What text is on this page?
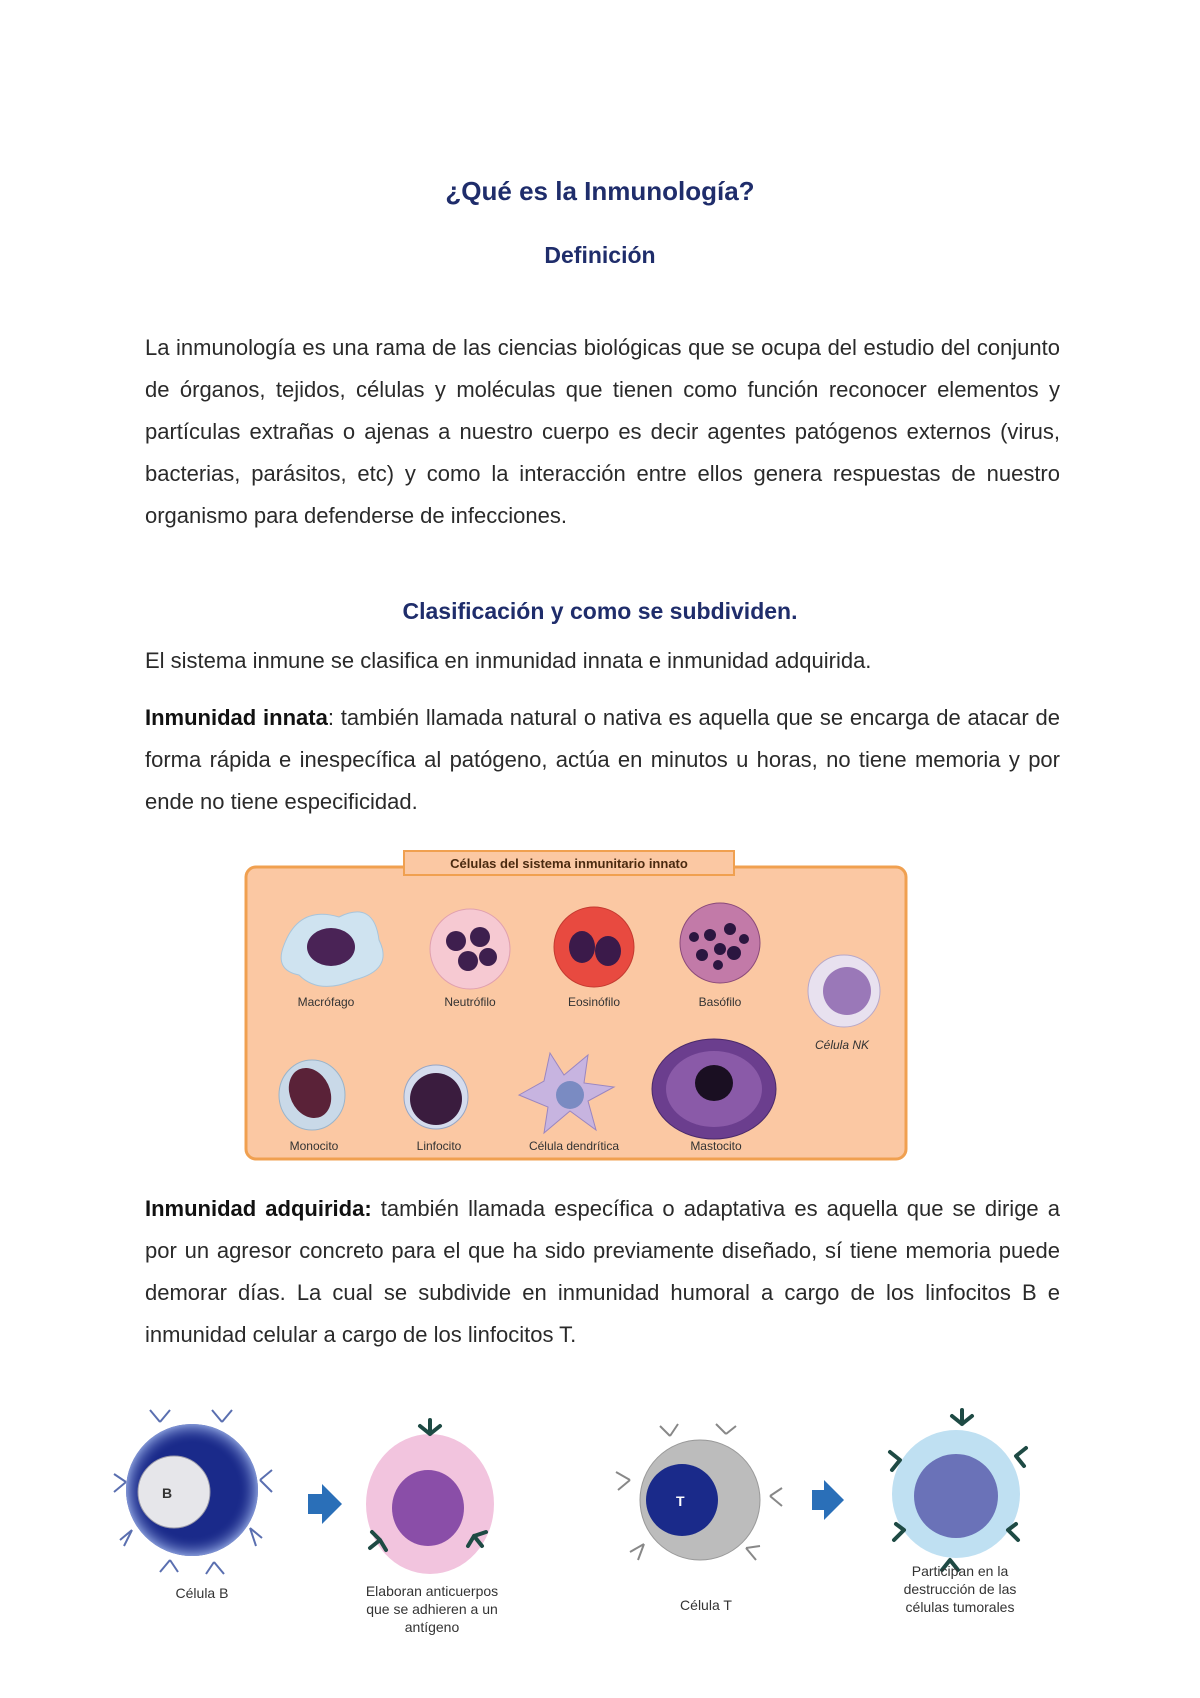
¿Qué es la Inmunología?
Definición
La inmunología es una rama de las ciencias biológicas que se ocupa del estudio del conjunto de órganos, tejidos, células y moléculas que tienen como función reconocer elementos y partículas extrañas o ajenas a nuestro cuerpo es decir agentes patógenos externos (virus, bacterias, parásitos, etc) y como la interacción entre ellos genera respuestas de nuestro organismo para defenderse de infecciones.
Clasificación y como se subdividen.
El sistema inmune se clasifica en inmunidad innata e inmunidad adquirida.
Inmunidad innata: también llamada natural o nativa es aquella que se encarga de atacar de forma rápida e inespecífica al patógeno, actúa en minutos u horas, no tiene memoria y por ende no tiene especificidad.
Células del sistema inmunitario innato
Macrófago	Neutrófilo	Eosinófilo	Basófilo
Célula NK
Monocito	Linfocito	Célula dendrítica	Mastocito
Inmunidad adquirida: también llamada específica o adaptativa es aquella que se dirige a por un agresor concreto para el que ha sido previamente diseñado, sí tiene memoria puede demorar días. La cual se subdivide en inmunidad humoral a cargo de los linfocitos B e inmunidad celular a cargo de los linfocitos T.
B
Célula B	Elaboran anticuerpos
que se adhieren a un
antígeno
T
Célula T
Participan en la
destrucción de las
células tumorales
